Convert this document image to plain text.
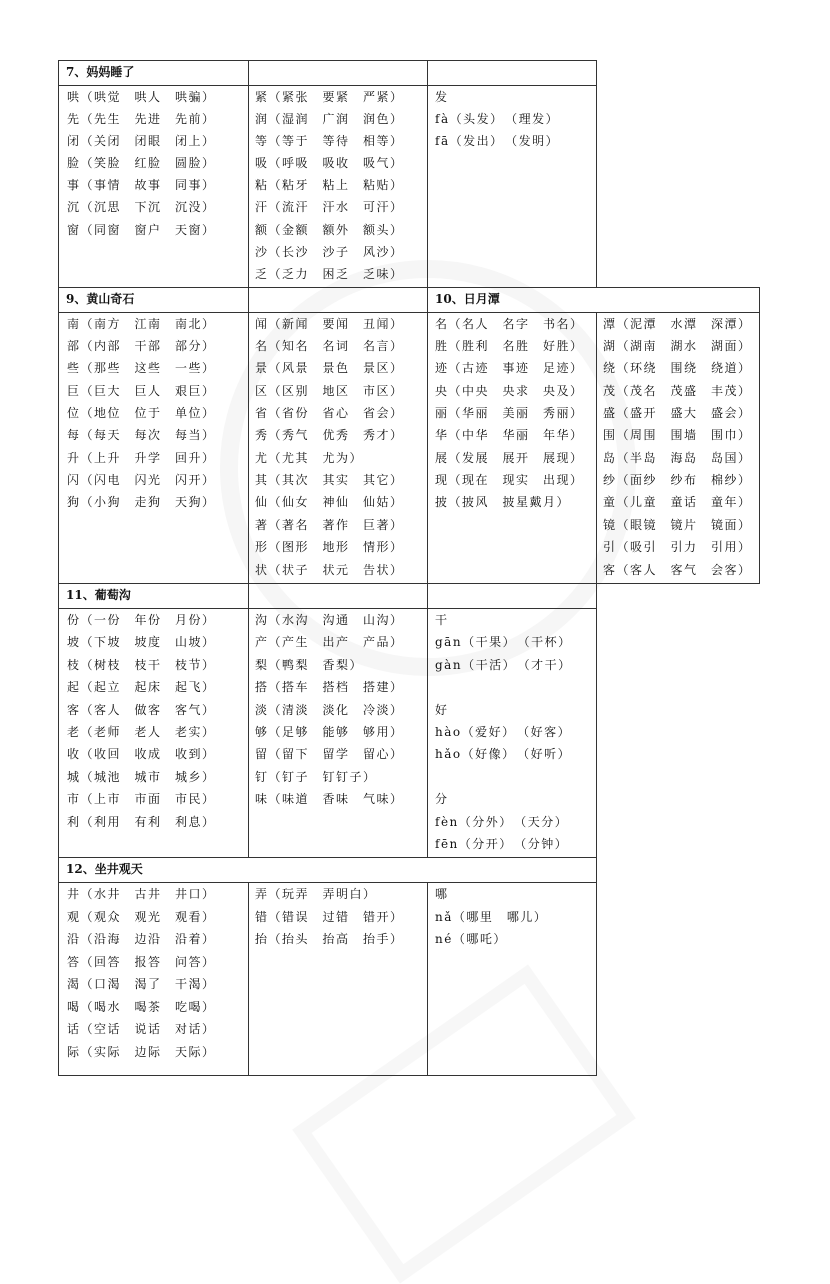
7、妈妈睡了
哄（哄觉　哄人　哄骗）
先（先生　先进　先前）
闭（关闭　闭眼　闭上）
脸（笑脸　红脸　圆脸）
事（事情　故事　同事）
沉（沉思　下沉　沉没）
窗（同窗　窗户　天窗）
紧（紧张　要紧　严紧）
润（湿润　广润　润色）
等（等于　等待　相等）
吸（呼吸　吸收　吸气）
粘（粘牙　粘上　粘贴）
汗（流汗　汗水　可汗）
额（金额　额外　额头）
沙（长沙　沙子　风沙）
乏（乏力　困乏　乏味）
发
fà（头发）　（理发）
fā（发出）　（发明）
9、黄山奇石	10、日月潭
南（南方　江南　南北）
部（内部　干部　部分）
些（那些　这些　一些）
巨（巨大　巨人　艰巨）
位（地位　位于　单位）
每（每天　每次　每当）
升（上升　升学　回升）
闪（闪电　闪光　闪开）
狗（小狗　走狗　天狗）
闻（新闻　要闻　丑闻）
名（知名　名词　名言）
景（风景　景色　景区）
区（区别　地区　市区）
省（省份　省心　省会）
秀（秀气　优秀　秀才）
尤（尤其　尤为）
其（其次　其实　其它）
仙（仙女　神仙　仙姑）
著（著名　著作　巨著）
形（图形　地形　情形）
状（状子　状元　告状）
名（名人　名字　书名）
胜（胜利　名胜　好胜）
迹（古迹　事迹　足迹）
央（中央　央求　央及）
丽（华丽　美丽　秀丽）
华（中华　华丽　年华）
展（发展　展开　展现）
现（现在　现实　出现）
披（披风　披星戴月）
潭（泥潭　水潭　深潭）
湖（湖南　湖水　湖面）
绕（环绕　围绕　绕道）
茂（茂名　茂盛　丰茂）
盛（盛开　盛大　盛会）
围（周围　围墙　围巾）
岛（半岛　海岛　岛国）
纱（面纱　纱布　棉纱）
童（儿童　童话　童年）
镜（眼镜　镜片　镜面）
引（吸引　引力　引用）
客（客人　客气　会客）
11、葡萄沟
份（一份　年份　月份）
坡（下坡　坡度　山坡）
枝（树枝　枝干　枝节）
起（起立　起床　起飞）
客（客人　做客　客气）
老（老师　老人　老实）
收（收回　收成　收到）
城（城池　城市　城乡）
市（上市　市面　市民）
利（利用　有利　利息）
沟（水沟　沟通　山沟）
产（产生　出产　产品）
梨（鸭梨　香梨）
搭（搭车　搭档　搭建）
淡（清淡　淡化　冷淡）
够（足够　能够　够用）
留（留下　留学　留心）
钉（钉子　钉钉子）
味（味道　香味　气味）
干
gān（干果）　（干杯）
gàn（干活）　（才干）
好
hào（爱好）　（好客）
hǎo（好像）　（好听）
分
fèn（分外）　（天分）
fēn（分开）　（分钟）
12、坐井观天
井（水井　古井　井口）
观（观众　观光　观看）
沿（沿海　边沿　沿着）
答（回答　报答　问答）
渴（口渴　渴了　干渴）
喝（喝水　喝茶　吃喝）
话（空话　说话　对话）
际（实际　边际　天际）
弄（玩弄　弄明白）
错（错误　过错　错开）
抬（抬头　抬高　抬手）
哪
nǎ（哪里　哪儿）
né（哪吒）
